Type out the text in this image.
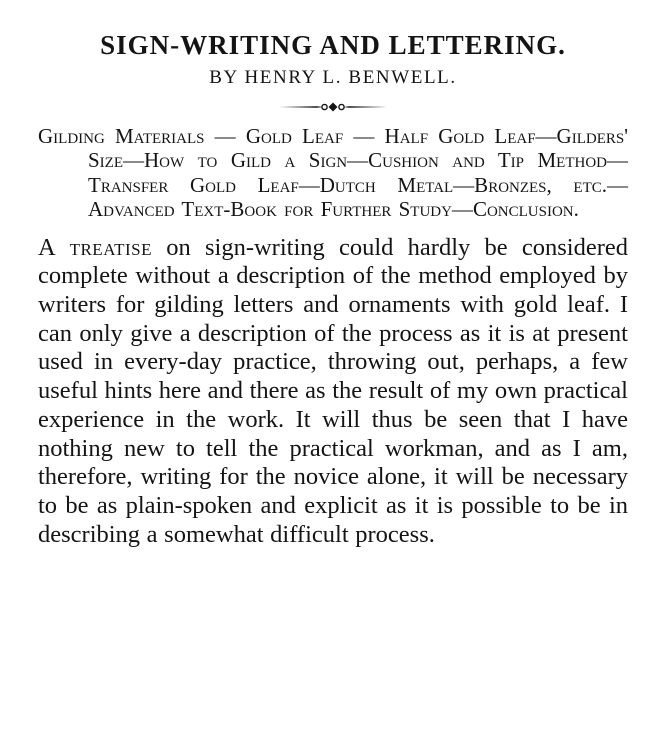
SIGN-WRITING AND LETTERING.

BY HENRY L. BENWELL.

Gilding Materials — Gold Leaf — Half Gold Leaf—Gilders' Size—How to Gild a Sign—Cushion and Tip Method—Transfer Gold Leaf—Dutch Metal—Bronzes, etc.—Advanced Text-Book for Further Study—Conclusion.

A treatise on sign-writing could hardly be considered complete without a description of the method employed by writers for gilding letters and ornaments with gold leaf. I can only give a description of the process as it is at present used in every-day practice, throwing out, perhaps, a few useful hints here and there as the result of my own practical experience in the work. It will thus be seen that I have nothing new to tell the practical workman, and as I am, therefore, writing for the novice alone, it will be necessary to be as plain-spoken and explicit as it is possible to be in describing a somewhat difficult process.
